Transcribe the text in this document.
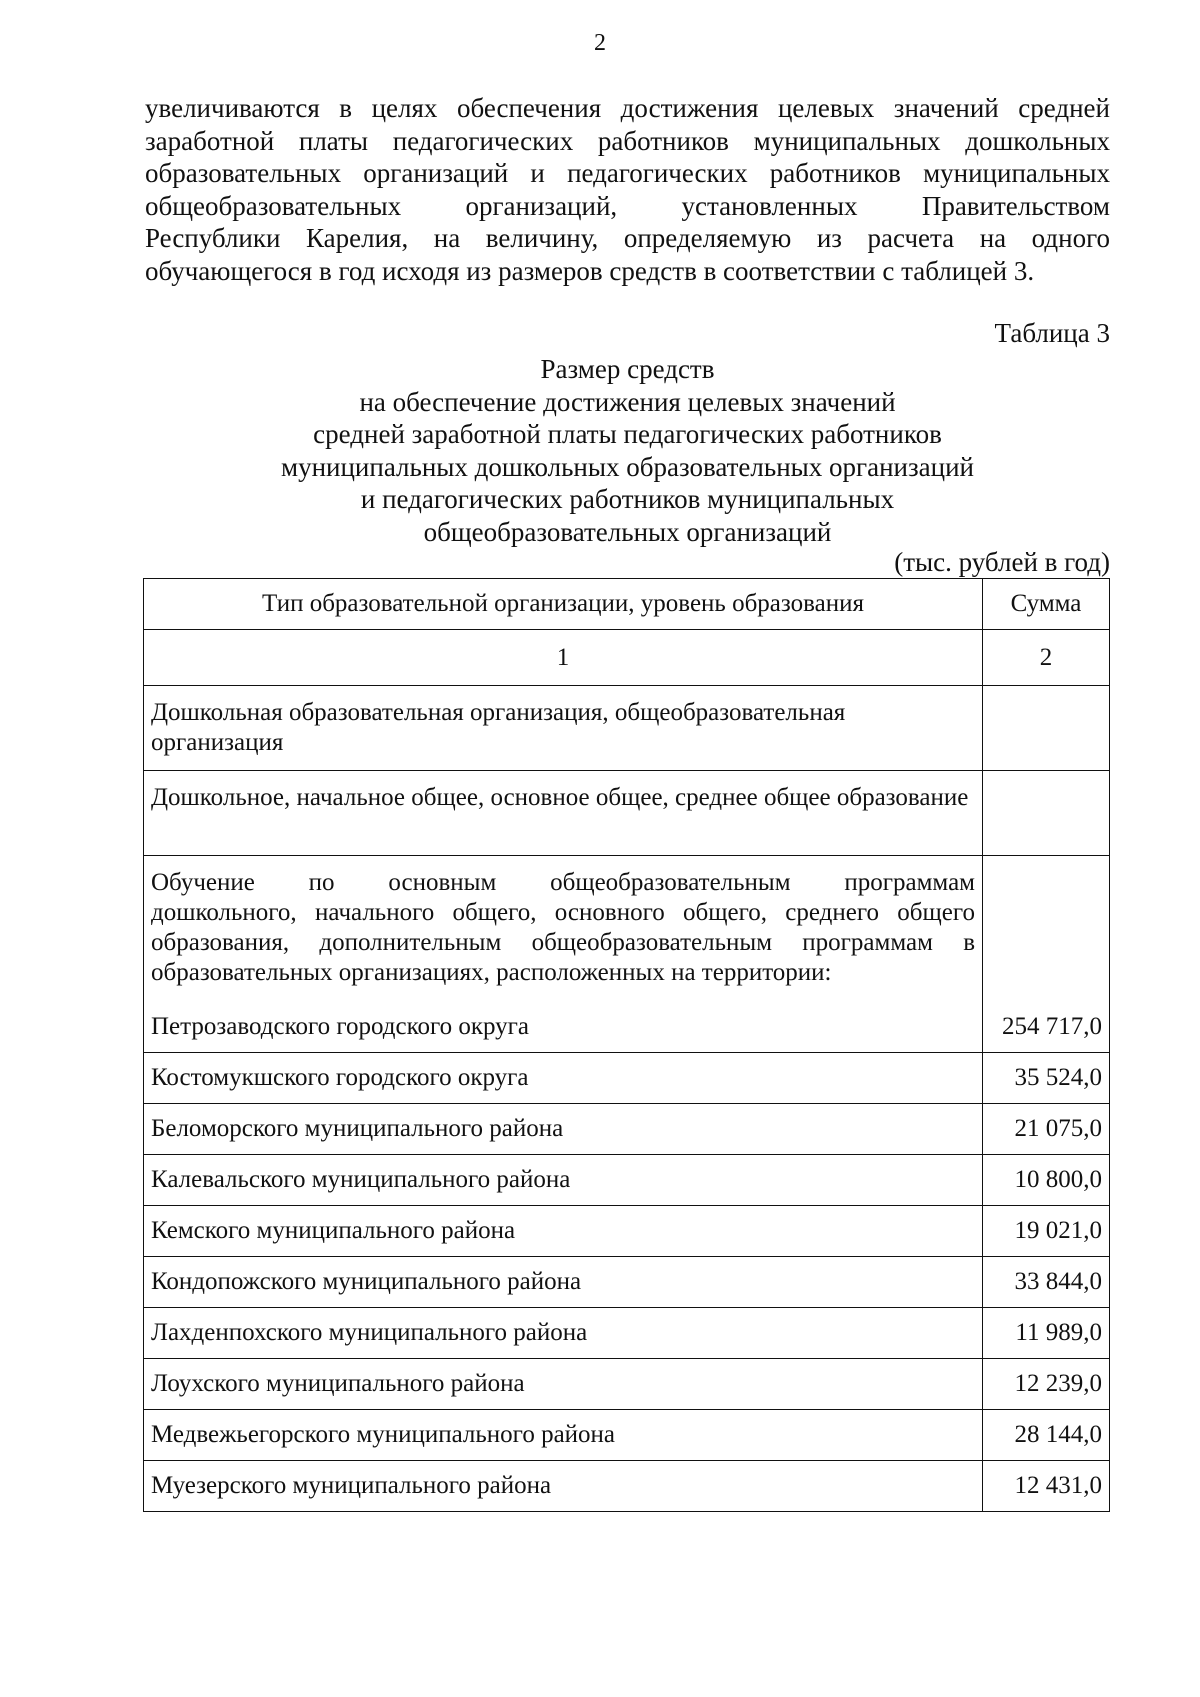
2
увеличиваются в целях обеспечения достижения целевых значений средней
заработной платы педагогических работников муниципальных дошкольных
образовательных организаций и педагогических работников муниципальных
общеобразовательных организаций, установленных Правительством
Республики Карелия, на величину, определяемую из расчета на одного
обучающегося в год исходя из размеров средств в соответствии с таблицей 3.
Таблица 3
Размер средств
на обеспечение достижения целевых значений
средней заработной платы педагогических работников
муниципальных дошкольных образовательных организаций
и педагогических работников муниципальных
общеобразовательных организаций
(тыс. рублей в год)
Тип образовательной организации, уровень образования	Сумма
1	2
Дошкольная образовательная организация, общеобразовательная организация	
Дошкольное, начальное общее, основное общее, среднее общее образование	

Обучение по основным общеобразовательным программам
дошкольного, начального общего, основного общего, среднего общего
образования, дополнительным общеобразовательным программам в
образовательных организациях, расположенных на территории:
Петрозаводского городского округа	254 717,0
Костомукшского городского округа	35 524,0
Беломорского муниципального района	21 075,0
Калевальского муниципального района	10 800,0
Кемского муниципального района	19 021,0
Кондопожского муниципального района	33 844,0
Лахденпохского муниципального района	11 989,0
Лоухского муниципального района	12 239,0
Медвежьегорского муниципального района	28 144,0
Муезерского муниципального района	12 431,0
